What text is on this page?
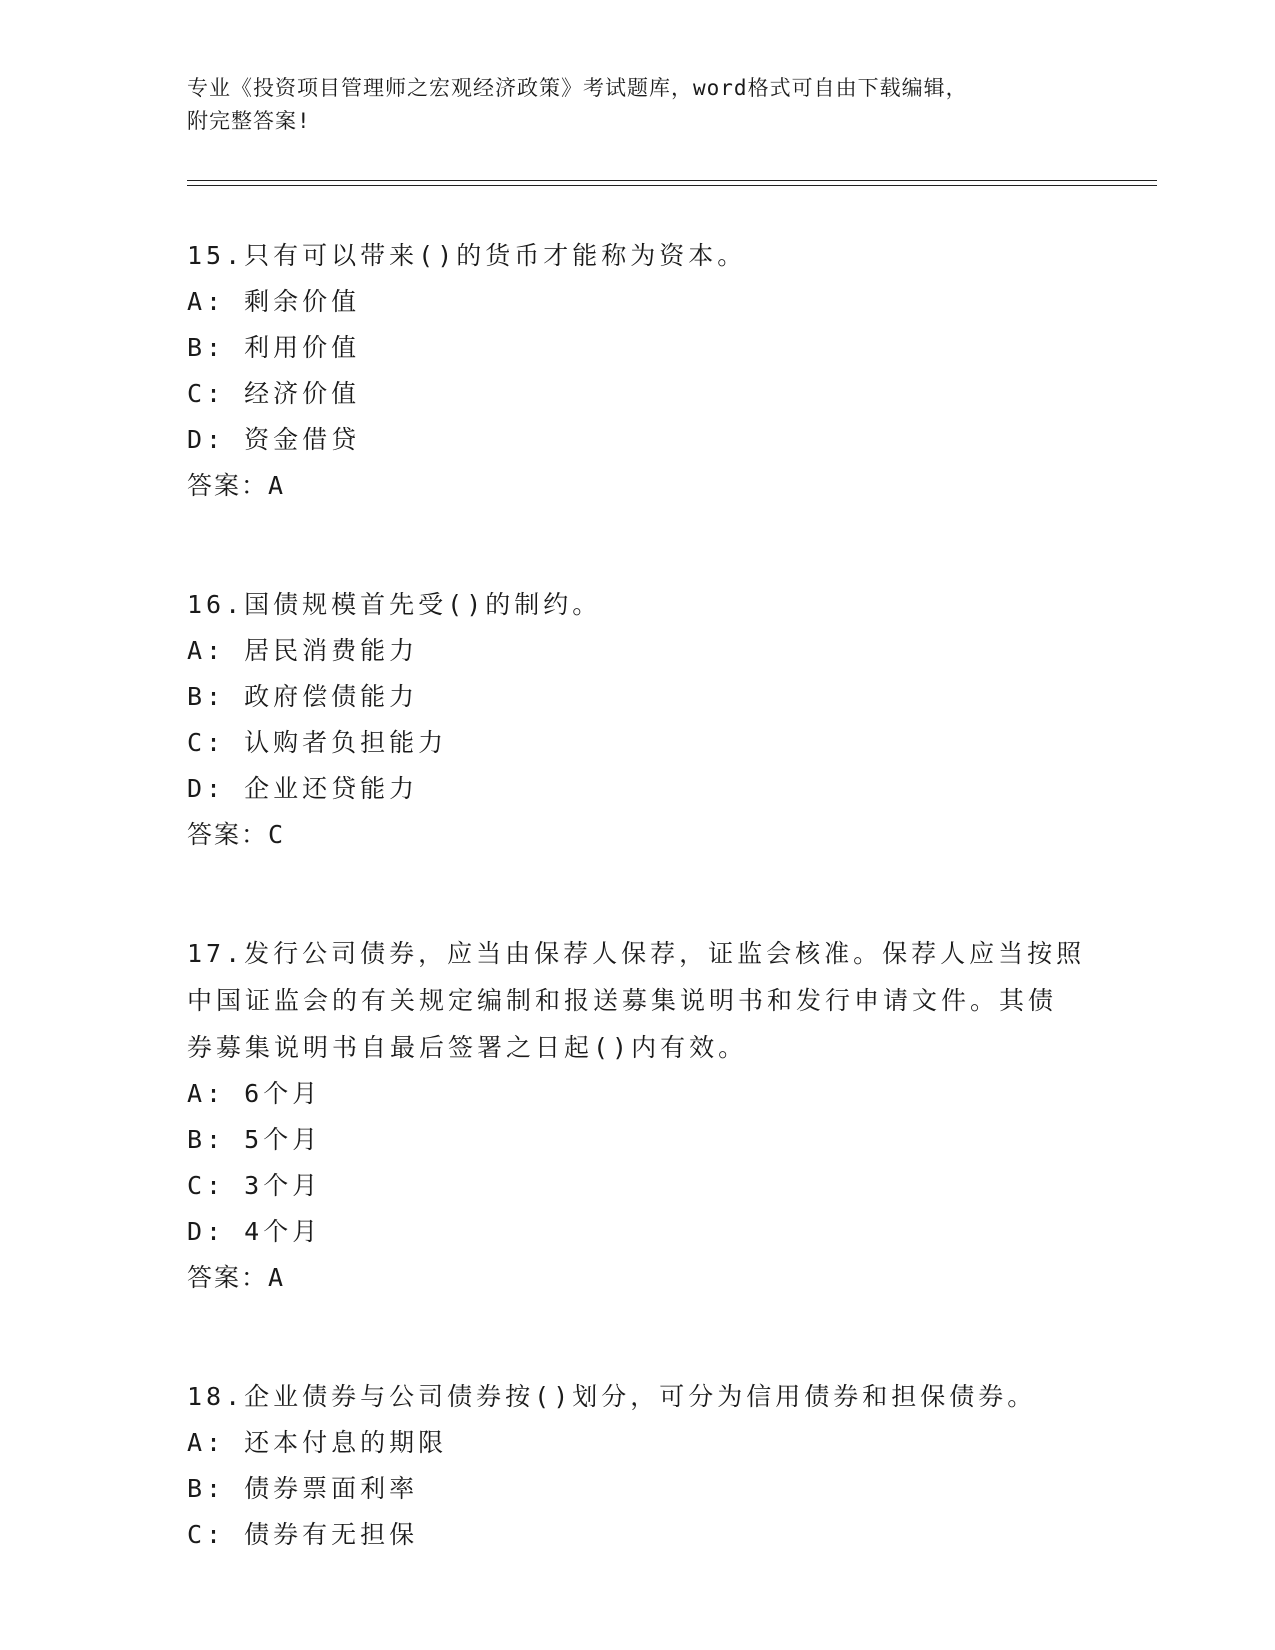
专业《投资项目管理师之宏观经济政策》考试题库，word格式可自由下载编辑，
附完整答案!
15.只有可以带来()的货币才能称为资本。
A: 剩余价值
B: 利用价值
C: 经济价值
D: 资金借贷
答案：A
16.国债规模首先受()的制约。
A: 居民消费能力
B: 政府偿债能力
C: 认购者负担能力
D: 企业还贷能力
答案：C
17.发行公司债券，应当由保荐人保荐，证监会核准。保荐人应当按照
中国证监会的有关规定编制和报送募集说明书和发行申请文件。其债
券募集说明书自最后签署之日起()内有效。
A: 6个月
B: 5个月
C: 3个月
D: 4个月
答案：A
18.企业债券与公司债券按()划分，可分为信用债券和担保债券。
A: 还本付息的期限
B: 债券票面利率
C: 债券有无担保
